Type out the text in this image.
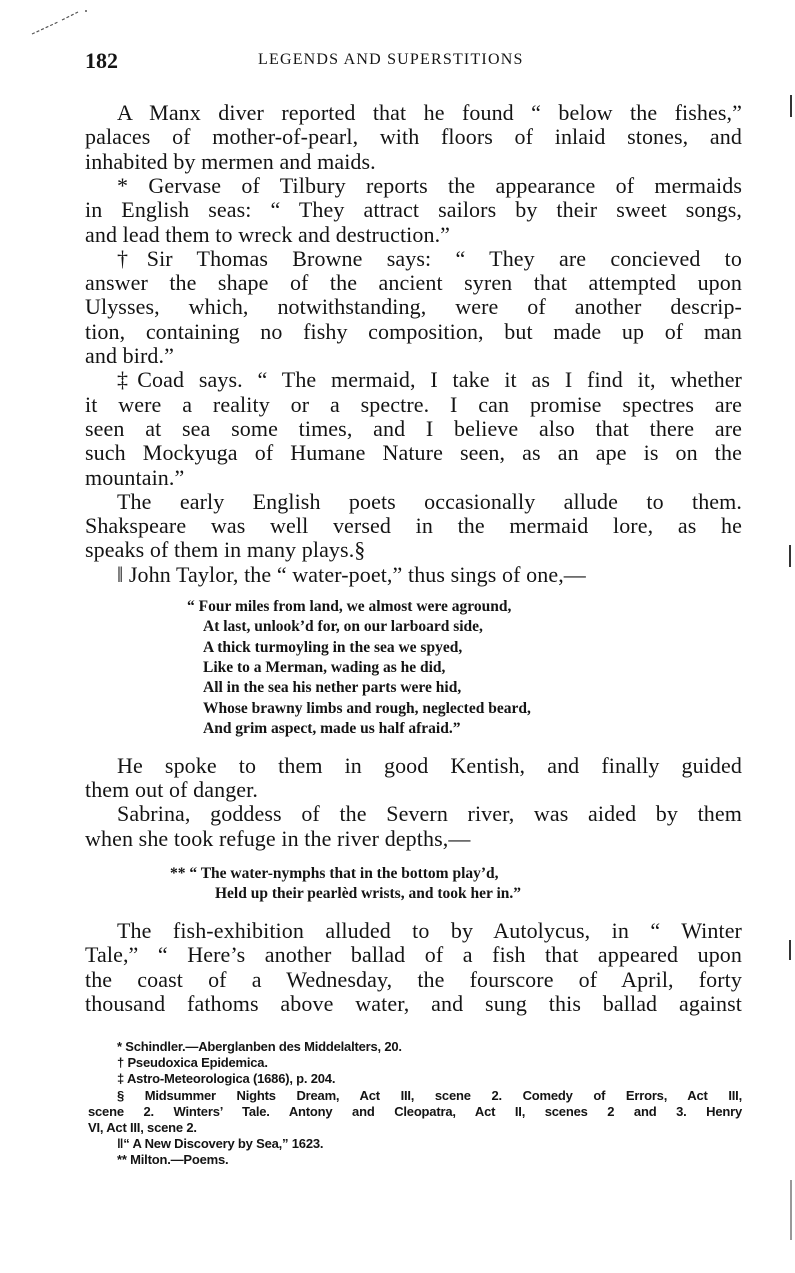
182	LEGENDS AND SUPERSTITIONS
A Manx diver reported that he found “ below the fishes,”
palaces of mother-of-pearl, with floors of inlaid stones, and
inhabited by mermen and maids.
* Gervase of Tilbury reports the appearance of mermaids
in English seas: “ They attract sailors by their sweet songs,
and lead them to wreck and destruction.”
†Sir Thomas Browne says: “ They are concieved to
answer the shape of the ancient syren that attempted upon
Ulysses, which, notwithstanding, were of another descrip-
tion, containing no fishy composition, but made up of man
and bird.”
‡Coad says. “ The mermaid, I take it as I find it, whether
it were a reality or a spectre. I can promise spectres are
seen at sea some times, and I believe also that there are
such Mockyuga of Humane Nature seen, as an ape is on the
mountain.”
The early English poets occasionally allude to them.
Shakspeare was well versed in the mermaid lore, as he
speaks of them in many plays.§
‖ John Taylor, the “ water-poet,” thus sings of one,—
“ Four miles from land, we almost were aground,
At last, unlook’d for, on our larboard side,
A thick turmoyling in the sea we spyed,
Like to a Merman, wading as he did,
All in the sea his nether parts were hid,
Whose brawny limbs and rough, neglected beard,
And grim aspect, made us half afraid.”
He spoke to them in good Kentish, and finally guided
them out of danger.
Sabrina, goddess of the Severn river, was aided by them
when she took refuge in the river depths,—
** “ The water-nymphs that in the bottom play’d,
Held up their pearlèd wrists, and took her in.”
The fish-exhibition alluded to by Autolycus, in “ Winter
Tale,” “ Here’s another ballad of a fish that appeared upon
the coast of a Wednesday, the fourscore of April, forty
thousand fathoms above water, and sung this ballad against
* Schindler.—Aberglanben des Middelalters, 20.
† Pseudoxica Epidemica.
‡ Astro-Meteorologica (1686), p. 204.
§ Midsummer Nights Dream, Act III, scene 2. Comedy of Errors, Act III,
scene 2. Winters’ Tale. Antony and Cleopatra, Act II, scenes 2 and 3. Henry
VI, Act III, scene 2.
‖“ A New Discovery by Sea,” 1623.
** Milton.—Poems.
